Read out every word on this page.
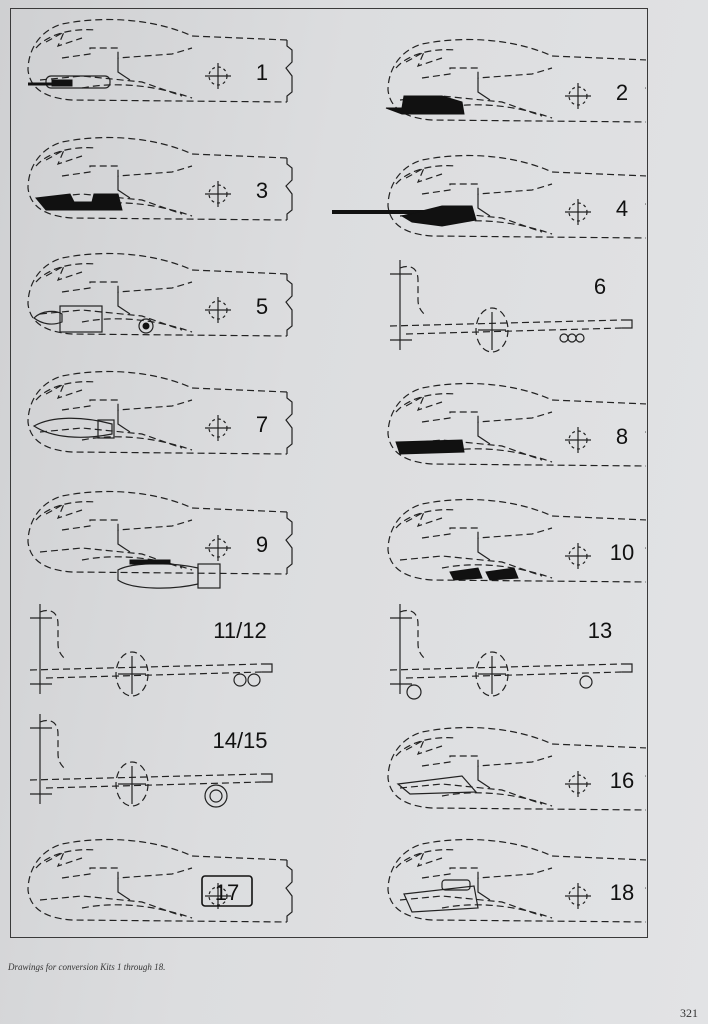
1
2
3
4
5
6
7	8
9	10
11/12	13
14/15
16
17	18

Drawings for conversion Kits 1 through 18.

321
